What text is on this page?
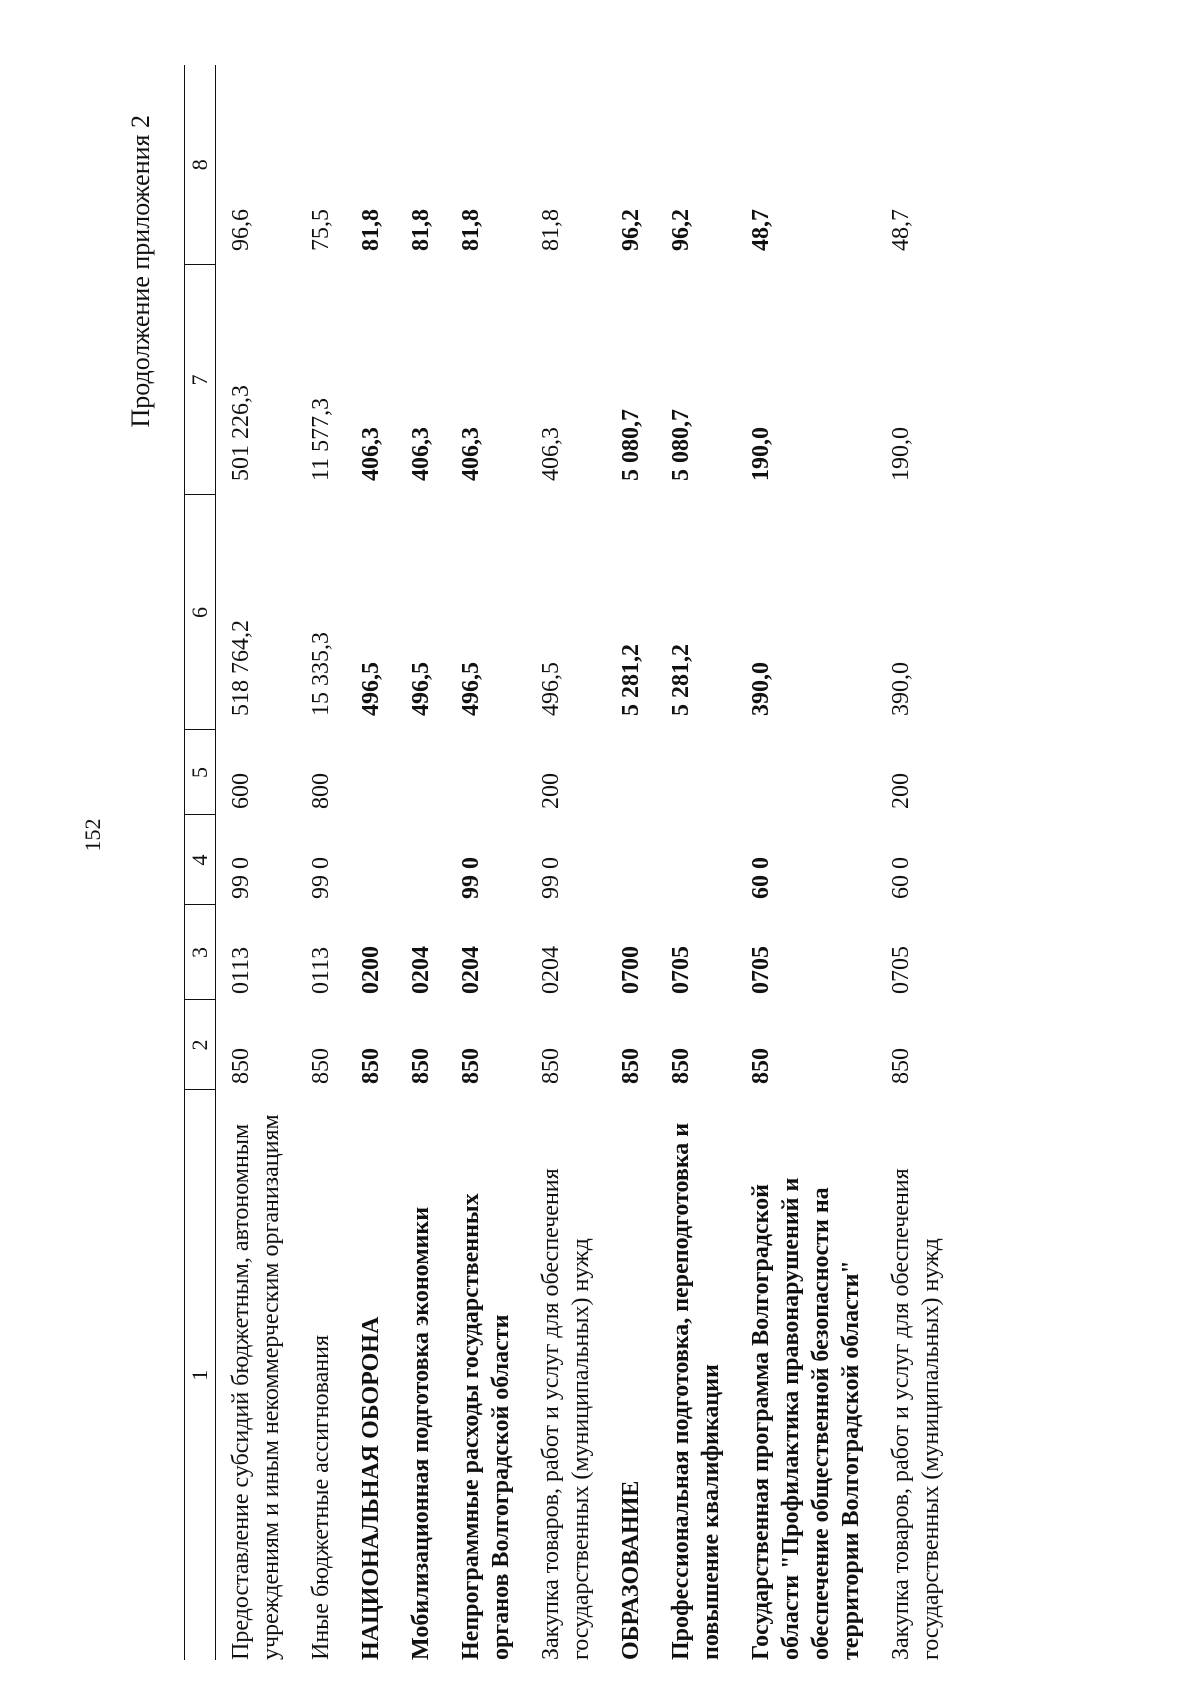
152
Продолжение приложения 2
1	2	3	4	5	6	7	8
Предоставление субсидий бюджетным, автономным учреждениям и иным некоммерческим организациям	850	0113	99 0	600	518 764,2	501 226,3	96,6
Иные бюджетные ассигнования	850	0113	99 0	800	15 335,3	11 577,3	75,5
НАЦИОНАЛЬНАЯ ОБОРОНА	850	0200			496,5	406,3	81,8
Мобилизационная подготовка экономики	850	0204			496,5	406,3	81,8
Непрограммные расходы государственных органов Волгоградской области	850	0204	99 0		496,5	406,3	81,8
Закупка товаров, работ и услуг для обеспечения государственных (муниципальных) нужд	850	0204	99 0	200	496,5	406,3	81,8
ОБРАЗОВАНИЕ	850	0700			5 281,2	5 080,7	96,2
Профессиональная подготовка, переподготовка и повышение квалификации	850	0705			5 281,2	5 080,7	96,2
Государственная программа Волгоградской области "Профилактика правонарушений и обеспечение общественной безопасности на территории Волгоградской области"	850	0705	60 0		390,0	190,0	48,7
Закупка товаров, работ и услуг для обеспечения государственных (муниципальных) нужд	850	0705	60 0	200	390,0	190,0	48,7
